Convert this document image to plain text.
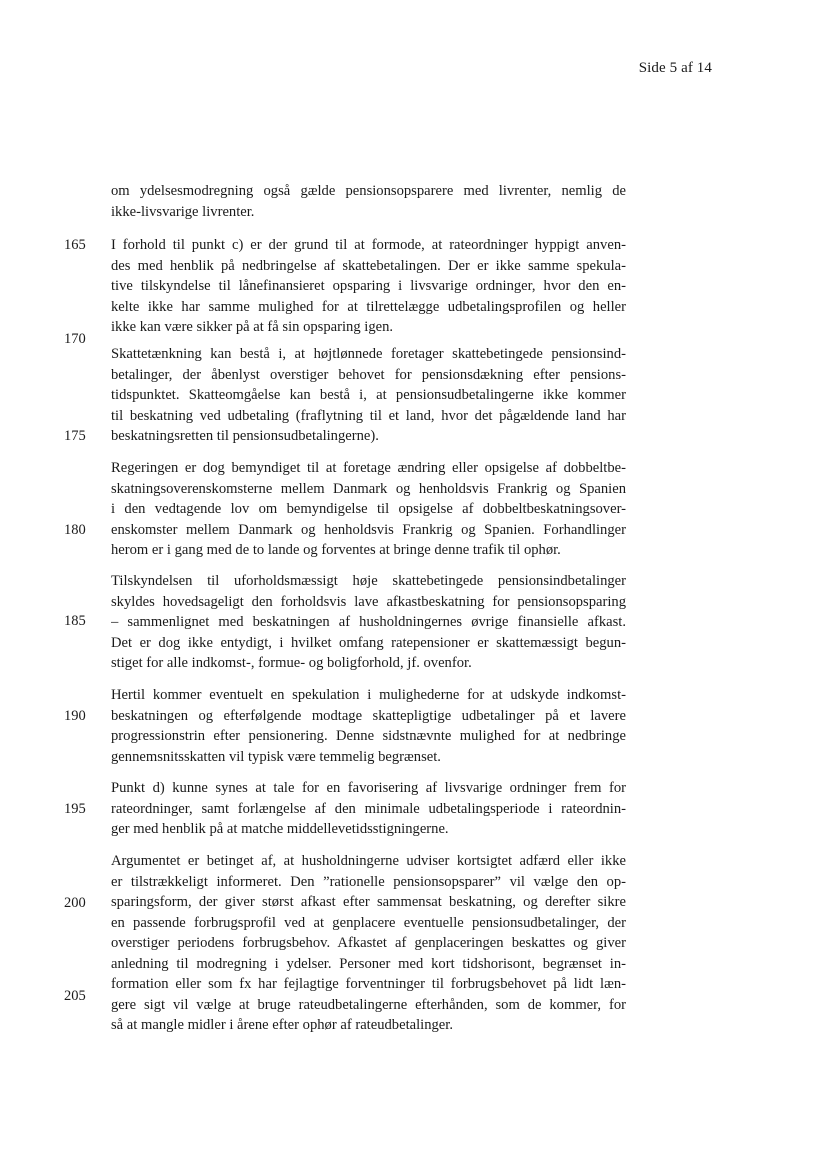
Side 5 af 14
165
170
175
180
185
190
195
200
205
om ydelsesmodregning også gælde pensionsopsparere med livrenter, nemlig de
ikke-livsvarige livrenter.
I forhold til punkt c) er der grund til at formode, at rateordninger hyppigt anven-
des med henblik på nedbringelse af skattebetalingen. Der er ikke samme spekula-
tive tilskyndelse til lånefinansieret opsparing i livsvarige ordninger, hvor den en-
kelte ikke har samme mulighed for at tilrettelægge udbetalingsprofilen og heller
ikke kan være sikker på at få sin opsparing igen.
Skattetænkning kan bestå i, at højtlønnede foretager skattebetingede pensionsind-
betalinger, der åbenlyst overstiger behovet for pensionsdækning efter pensions-
tidspunktet. Skatteomgåelse kan bestå i, at pensionsudbetalingerne ikke kommer
til beskatning ved udbetaling (fraflytning til et land, hvor det pågældende land har
beskatningsretten til pensionsudbetalingerne).
Regeringen er dog bemyndiget til at foretage ændring eller opsigelse af dobbeltbe-
skatningsoverenskomsterne mellem Danmark og henholdsvis Frankrig og Spanien
i den vedtagende lov om bemyndigelse til opsigelse af dobbeltbeskatningsover-
enskomster mellem Danmark og henholdsvis Frankrig og Spanien. Forhandlinger
herom er i gang med de to lande og forventes at bringe denne trafik til ophør.
Tilskyndelsen til uforholdsmæssigt høje skattebetingede pensionsindbetalinger
skyldes hovedsageligt den forholdsvis lave afkastbeskatning for pensionsopsparing
– sammenlignet med beskatningen af husholdningernes øvrige finansielle afkast.
Det er dog ikke entydigt, i hvilket omfang ratepensioner er skattemæssigt begun-
stiget for alle indkomst-, formue- og boligforhold, jf. ovenfor.
Hertil kommer eventuelt en spekulation i mulighederne for at udskyde indkomst-
beskatningen og efterfølgende modtage skattepligtige udbetalinger på et lavere
progressionstrin efter pensionering. Denne sidstnævnte mulighed for at nedbringe
gennemsnitsskatten vil typisk være temmelig begrænset.
Punkt d) kunne synes at tale for en favorisering af livsvarige ordninger frem for
rateordninger, samt forlængelse af den minimale udbetalingsperiode i rateordnin-
ger med henblik på at matche middellevetidsstigningerne.
Argumentet er betinget af, at husholdningerne udviser kortsigtet adfærd eller ikke
er tilstrækkeligt informeret. Den ”rationelle pensionsopsparer” vil vælge den op-
sparingsform, der giver størst afkast efter sammensat beskatning, og derefter sikre
en passende forbrugsprofil ved at genplacere eventuelle pensionsudbetalinger, der
overstiger periodens forbrugsbehov. Afkastet af genplaceringen beskattes og giver
anledning til modregning i ydelser. Personer med kort tidshorisont, begrænset in-
formation eller som fx har fejlagtige forventninger til forbrugsbehovet på lidt læn-
gere sigt vil vælge at bruge rateudbetalingerne efterhånden, som de kommer, for
så at mangle midler i årene efter ophør af rateudbetalinger.
